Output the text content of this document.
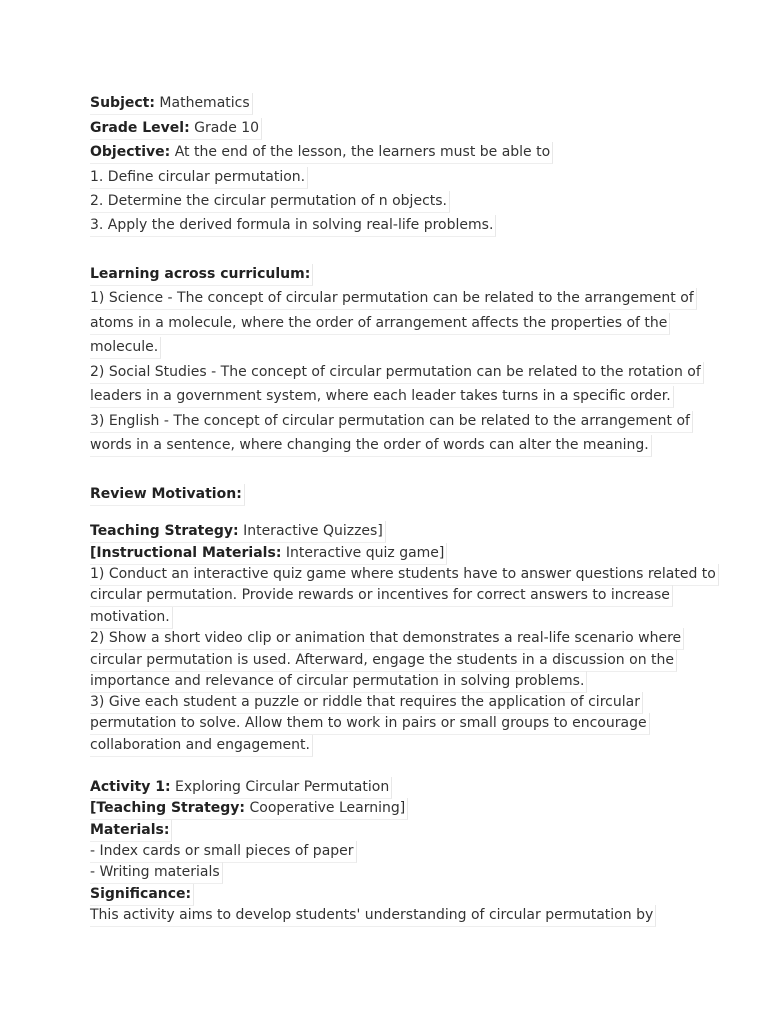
Subject: Mathematics
Grade Level: Grade 10
Objective: At the end of the lesson, the learners must be able to
1. Define circular permutation.
2. Determine the circular permutation of n objects.
3. Apply the derived formula in solving real-life problems.
Learning across curriculum:
1) Science - The concept of circular permutation can be related to the arrangement of
atoms in a molecule, where the order of arrangement affects the properties of the
molecule.
2) Social Studies - The concept of circular permutation can be related to the rotation of
leaders in a government system, where each leader takes turns in a specific order.
3) English - The concept of circular permutation can be related to the arrangement of
words in a sentence, where changing the order of words can alter the meaning.
Review Motivation:
Teaching Strategy: Interactive Quizzes]
[Instructional Materials: Interactive quiz game]
1) Conduct an interactive quiz game where students have to answer questions related to
circular permutation. Provide rewards or incentives for correct answers to increase
motivation.
2) Show a short video clip or animation that demonstrates a real-life scenario where
circular permutation is used. Afterward, engage the students in a discussion on the
importance and relevance of circular permutation in solving problems.
3) Give each student a puzzle or riddle that requires the application of circular
permutation to solve. Allow them to work in pairs or small groups to encourage
collaboration and engagement.
Activity 1: Exploring Circular Permutation
[Teaching Strategy: Cooperative Learning]
Materials:
- Index cards or small pieces of paper
- Writing materials
Significance:
This activity aims to develop students' understanding of circular permutation by
